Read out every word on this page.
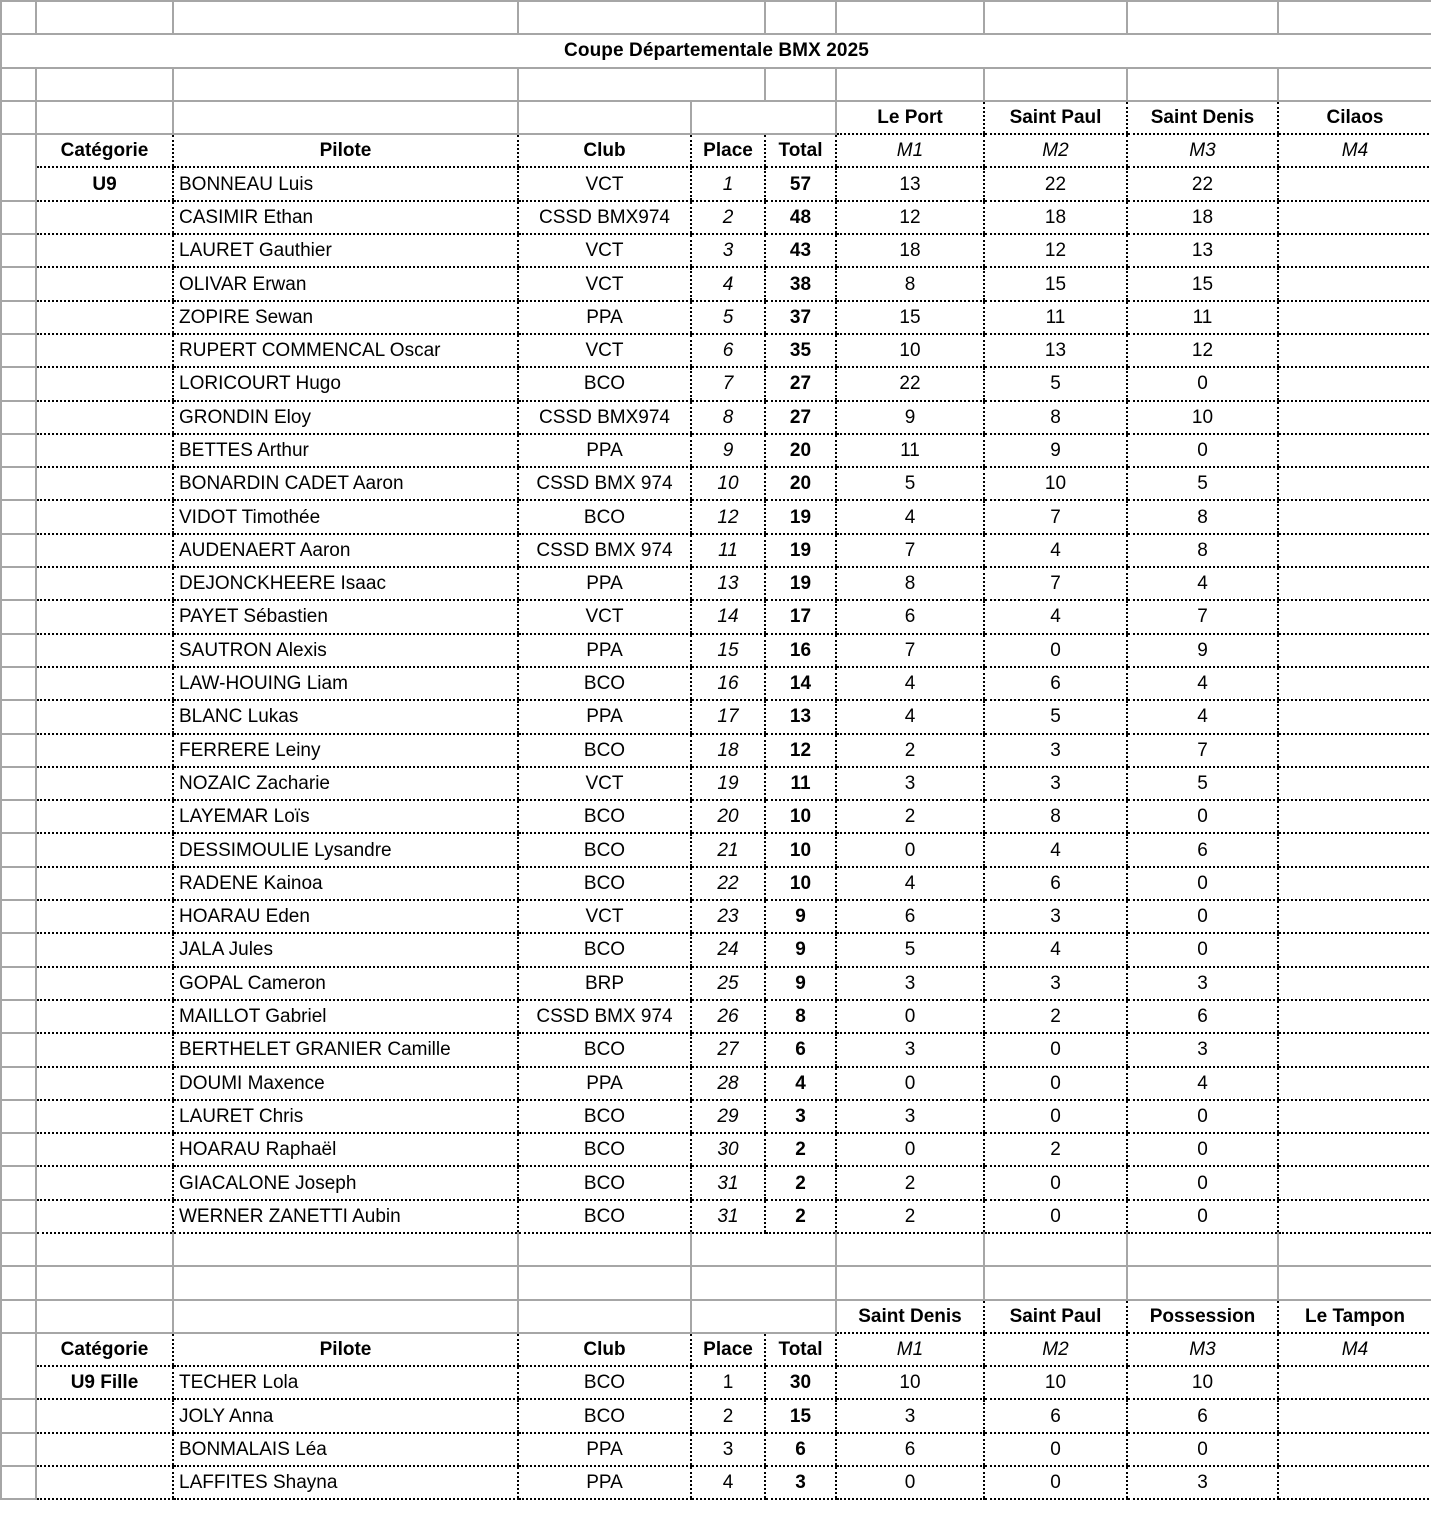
Coupe Départementale BMX 2025									

						Le Port	Saint Paul	Saint Denis	Cilaos
	Catégorie	Pilote	Club	Place	Total	M1	M2	M3	M4
	U9	BONNEAU Luis	VCT	1	57	13	22	22	
		CASIMIR Ethan	CSSD BMX974	2	48	12	18	18	
		LAURET Gauthier	VCT	3	43	18	12	13	
		OLIVAR Erwan	VCT	4	38	8	15	15	
		ZOPIRE Sewan	PPA	5	37	15	11	11	
		RUPERT COMMENCAL Oscar	VCT	6	35	10	13	12	
		LORICOURT Hugo	BCO	7	27	22	5	0	
		GRONDIN Eloy	CSSD BMX974	8	27	9	8	10	
		BETTES Arthur	PPA	9	20	11	9	0	
		BONARDIN CADET Aaron	CSSD BMX 974	10	20	5	10	5	
		VIDOT Timothée	BCO	12	19	4	7	8	
		AUDENAERT Aaron	CSSD BMX 974	11	19	7	4	8	
		DEJONCKHEERE Isaac	PPA	13	19	8	7	4	
		PAYET Sébastien	VCT	14	17	6	4	7	
		SAUTRON Alexis	PPA	15	16	7	0	9	
		LAW-HOUING Liam	BCO	16	14	4	6	4	
		BLANC Lukas	PPA	17	13	4	5	4	
		FERRERE Leiny	BCO	18	12	2	3	7	
		NOZAIC Zacharie	VCT	19	11	3	3	5	
		LAYEMAR Loïs	BCO	20	10	2	8	0	
		DESSIMOULIE Lysandre	BCO	21	10	0	4	6	
		RADENE Kainoa	BCO	22	10	4	6	0	
		HOARAU Eden	VCT	23	9	6	3	0	
		JALA Jules	BCO	24	9	5	4	0	
		GOPAL Cameron	BRP	25	9	3	3	3	
		MAILLOT Gabriel	CSSD BMX 974	26	8	0	2	6	
		BERTHELET GRANIER Camille	BCO	27	6	3	0	3	
		DOUMI Maxence	PPA	28	4	0	0	4	
		LAURET Chris	BCO	29	3	3	0	0	
		HOARAU Raphaël	BCO	30	2	0	2	0	
		GIACALONE Joseph	BCO	31	2	2	0	0	
		WERNER ZANETTI Aubin	BCO	31	2	2	0	0	

						Saint Denis	Saint Paul	Possession	Le Tampon
	Catégorie	Pilote	Club	Place	Total	M1	M2	M3	M4
	U9 Fille	TECHER Lola	BCO	1	30	10	10	10	
		JOLY Anna	BCO	2	15	3	6	6	
		BONMALAIS Léa	PPA	3	6	6	0	0	
		LAFFITES Shayna	PPA	4	3	0	0	3	
